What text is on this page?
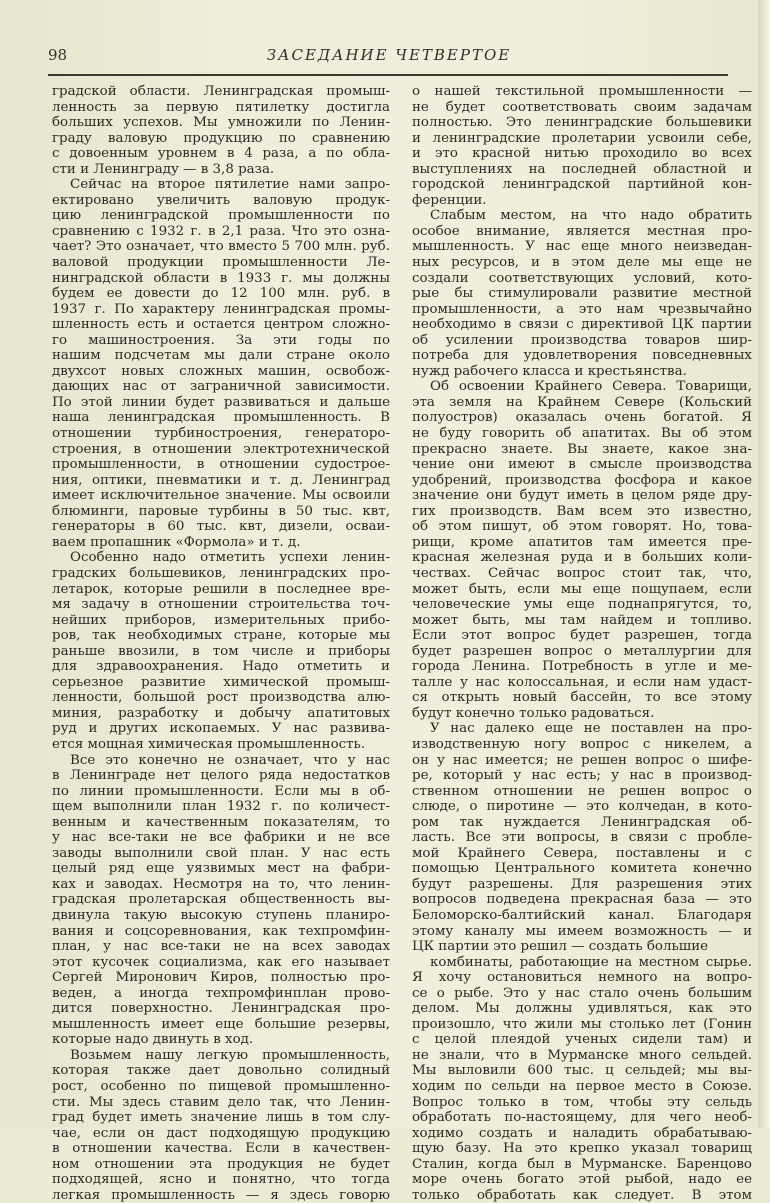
98	ЗАСЕДАНИЕ ЧЕТВЕРТОЕ
градской области. Ленинградская промыш-
ленность за первую пятилетку достигла
больших успехов. Мы умножили по Ленин-
граду валовую продукцию по сравнению
с довоенным уровнем в 4 раза, а по обла-
сти и Ленинграду — в 3,8 раза.
Сейчас на второе пятилетие нами запро-
ектировано увеличить валовую продук-
цию ленинградской промышленности по
сравнению с 1932 г. в 2,1 раза. Что это озна-
чает? Это означает, что вместо 5 700 млн. руб.
валовой продукции промышленности Ле-
нинградской области в 1933 г. мы должны
будем ее довести до 12 100 млн. руб. в
1937 г. По характеру ленинградская промы-
шленность есть и остается центром сложно-
го машиностроения. За эти годы по
нашим подсчетам мы дали стране около
двухсот новых сложных машин, освобож-
дающих нас от заграничной зависимости.
По этой линии будет развиваться и дальше
наша ленинградская промышленность. В
отношении турбиностроения, генераторо-
строения, в отношении электротехнической
промышленности, в отношении судострое-
ния, оптики, пневматики и т. д. Ленинград
имеет исключительное значение. Мы освоили
блюминги, паровые турбины в 50 тыс. квт,
генераторы в 60 тыс. квт, дизели, осваи-
ваем пропашник «Формола» и т. д.
Особенно надо отметить успехи ленин-
градских большевиков, ленинградских про-
летарок, которые решили в последнее вре-
мя задачу в отношении строительства точ-
нейших приборов, измерительных прибо-
ров, так необходимых стране, которые мы
раньше ввозили, в том числе и приборы
для здравоохранения. Надо отметить и
серьезное развитие химической промыш-
ленности, большой рост производства алю-
миния, разработку и добычу апатитовых
руд и других ископаемых. У нас развива-
ется мощная химическая промышленность.
Все это конечно не означает, что у нас
в Ленинграде нет целого ряда недостатков
по линии промышленности. Если мы в об-
щем выполнили план 1932 г. по количест-
венным и качественным показателям, то
у нас все-таки не все фабрики и не все
заводы выполнили свой план. У нас есть
целый ряд еще уязвимых мест на фабри-
ках и заводах. Несмотря на то, что ленин-
градская пролетарская общественность вы-
двинула такую высокую ступень планиро-
вания и соцсоревнования, как техпромфин-
план, у нас все-таки не на всех заводах
этот кусочек социализма, как его называет
Сергей Миронович Киров, полностью про-
веден, а иногда техпромфинплан прово-
дится поверхностно. Ленинградская про-
мышленность имеет еще большие резервы,
которые надо двинуть в ход.
Возьмем нашу легкую промышленность,
которая также дает довольно солидный
рост, особенно по пищевой промышленно-
сти. Мы здесь ставим дело так, что Ленин-
град будет иметь значение лишь в том слу-
чае, если он даст подходящую продукцию
в отношении качества. Если в качествен-
ном отношении эта продукция не будет
подходящей, ясно и понятно, что тогда
легкая промышленность — я здесь говорю
о нашей текстильной промышленности —
не будет соответствовать своим задачам
полностью. Это ленинградские большевики
и ленинградские пролетарии усвоили себе,
и это красной нитью проходило во всех
выступлениях на последней областной и
городской ленинградской партийной кон-
ференции.
Слабым местом, на что надо обратить
особое внимание, является местная про-
мышленность. У нас еще много неизведан-
ных ресурсов, и в этом деле мы еще не
создали соответствующих условий, кото-
рые бы стимулировали развитие местной
промышленности, а это нам чрезвычайно
необходимо в связи с директивой ЦК партии
об усилении производства товаров шир-
потреба для удовлетворения повседневных
нужд рабочего класса и крестьянства.
Об освоении Крайнего Севера. Товарищи,
эта земля на Крайнем Севере (Кольский
полуостров) оказалась очень богатой. Я
не буду говорить об апатитах. Вы об этом
прекрасно знаете. Вы знаете, какое зна-
чение они имеют в смысле производства
удобрений, производства фосфора и какое
значение они будут иметь в целом ряде дру-
гих производств. Вам всем это известно,
об этом пишут, об этом говорят. Но, това-
рищи, кроме апатитов там имеется пре-
красная железная руда и в больших коли-
чествах. Сейчас вопрос стоит так, что,
может быть, если мы еще пощупаем, если
человеческие умы еще поднапрягутся, то,
может быть, мы там найдем и топливо.
Если этот вопрос будет разрешен, тогда
будет разрешен вопрос о металлургии для
города Ленина. Потребность в угле и ме-
талле у нас колоссальная, и если нам удаст-
ся открыть новый бассейн, то все этому
будут конечно только радоваться.
У нас далеко еще не поставлен на про-
изводственную ногу вопрос с никелем, а
он у нас имеется; не решен вопрос о шифе-
ре, который у нас есть; у нас в производ-
ственном отношении не решен вопрос о
слюде, о пиротине — это колчедан, в кото-
ром так нуждается Ленинградская об-
ласть. Все эти вопросы, в связи с пробле-
мой Крайнего Севера, поставлены и с
помощью Центрального комитета конечно
будут разрешены. Для разрешения этих
вопросов подведена прекрасная база — это
Беломорско-балтийский канал. Благодаря
этому каналу мы имеем возможность — и
ЦК партии это решил — создать большие
комбинаты, работающие на местном сырье.
Я хочу остановиться немного на вопро-
се о рыбе. Это у нас стало очень большим
делом. Мы должны удивляться, как это
произошло, что жили мы столько лет (Гонин
с целой плеядой ученых сидели там) и
не знали, что в Мурманске много сельдей.
Мы выловили 600 тыс. ц сельдей; мы вы-
ходим по сельди на первое место в Союзе.
Вопрос только в том, чтобы эту сельдь
обработать по-настоящему, для чего необ-
ходимо создать и наладить обрабатываю-
щую базу. На это крепко указал товарищ
Сталин, когда был в Мурманске. Баренцово
море очень богато этой рыбой, надо ее
только обработать как следует. В этом
